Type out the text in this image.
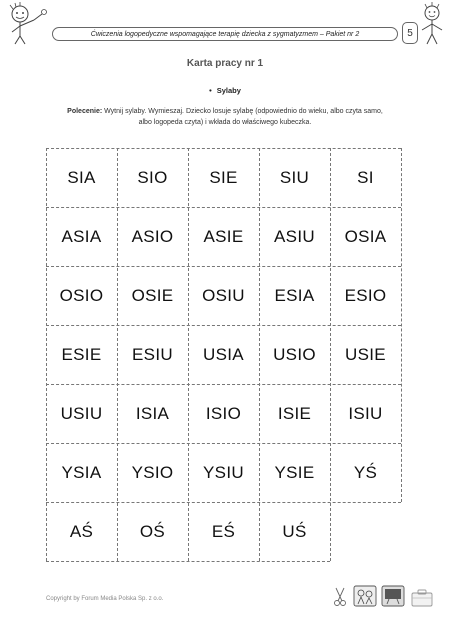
Ćwiczenia logopedyczne wspomagające terapię dziecka z sygmatyzmem – Pakiet nr 2	5
Karta pracy nr 1
• Sylaby
Polecenie: Wytnij sylaby. Wymieszaj. Dziecko losuje sylabę (odpowiednio do wieku, albo czyta samo, albo logopeda czyta) i wkłada do właściwego kubeczka.
SIA	SIO	SIE	SIU	SI
ASIA	ASIO	ASIE	ASIU	OSIA
OSIO	OSIE	OSIU	ESIA	ESIO
ESIE	ESIU	USIA	USIO	USIE
USIU	ISIA	ISIO	ISIE	ISIU
YSIA	YSIO	YSIU	YSIE	YŚ
AŚ	OŚ	EŚ	UŚ
Copyright by Forum Media Polska Sp. z o.o.
